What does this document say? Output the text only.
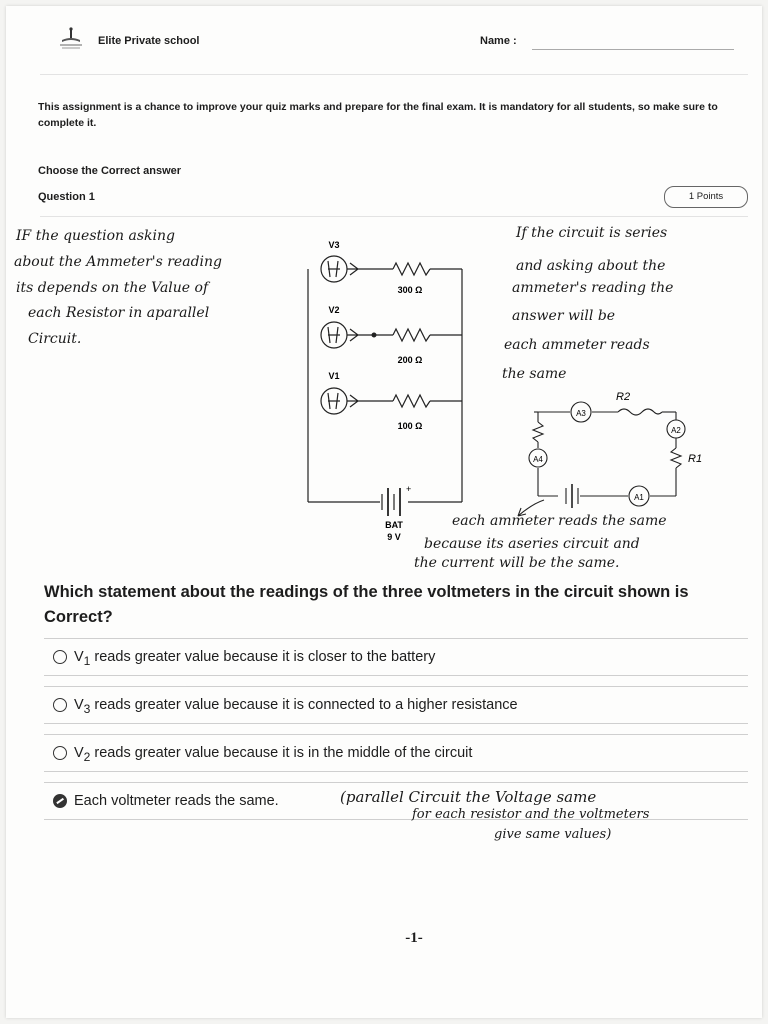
Elite Private school	Name :
This assignment is a chance to improve your quiz marks and prepare for the final exam. It is mandatory for all students, so make sure to complete it.
Choose the Correct answer
Question 1	1 Points
V3
V2
V1
300 Ω
200 Ω
100 Ω
+
BAT
9 V
IF the question asking
about the Ammeter's reading
its depends on the Value of
each Resistor in aparallel
Circuit.
If the circuit is series
and asking about the
ammeter's reading the
answer will be
each ammeter reads
the same
R2
A3
A2
R1
A4
A1
each ammeter reads the same
because its aseries circuit and
the current will be the same.
Which statement about the readings of the three voltmeters in the circuit shown is Correct?
$V_1$ reads greater value because it is closer to the battery
$V_3$ reads greater value because it is connected to a higher resistance
$V_2$ reads greater value because it is in the middle of the circuit
Each voltmeter reads the same.	(parallel Circuit the Voltage same
for each resistor and the voltmeters
give same values)
-1-
